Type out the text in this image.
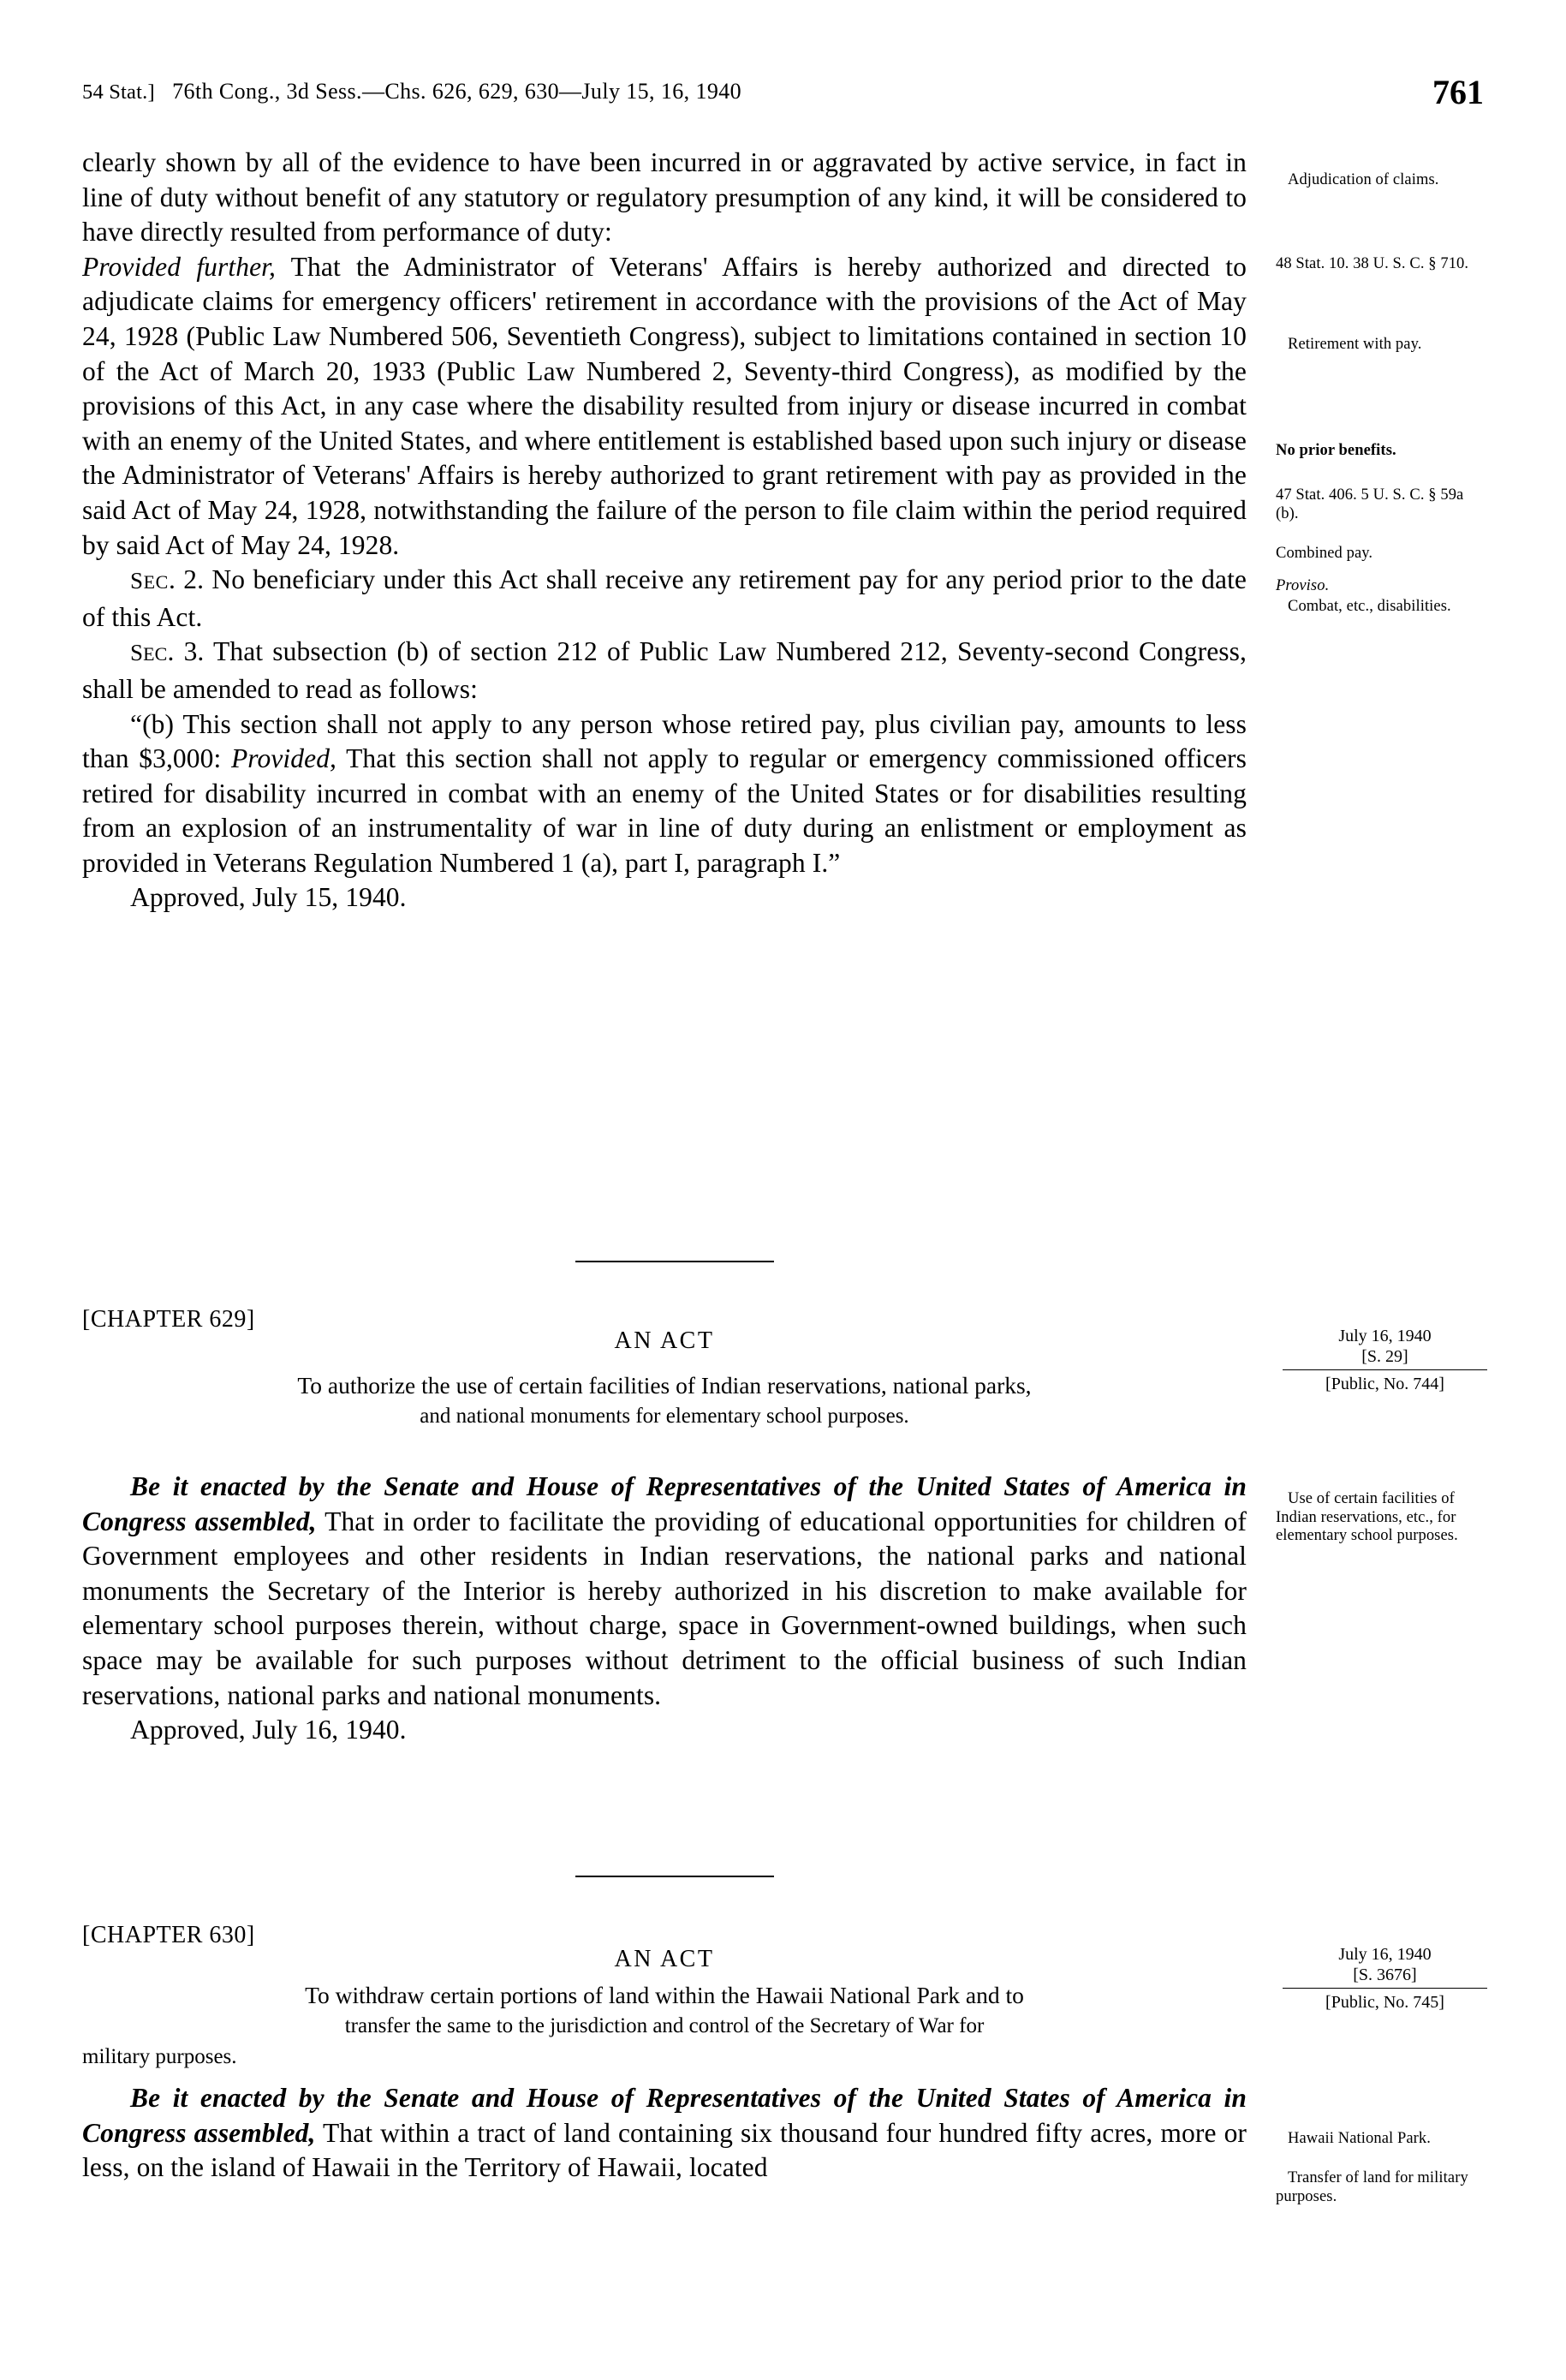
54 Stat.] 76th Cong., 3d Sess.—Chs. 626, 629, 630—July 15, 16, 1940	761

clearly shown by all of the evidence to have been incurred in or aggravated by active service, in fact in line of duty without benefit of any statutory or regulatory presumption of any kind, it will be considered to have directly resulted from performance of duty:

Provided further, That the Administrator of Veterans' Affairs is hereby authorized and directed to adjudicate claims for emergency officers' retirement in accordance with the provisions of the Act of May 24, 1928 (Public Law Numbered 506, Seventieth Congress), subject to limitations contained in section 10 of the Act of March 20, 1933 (Public Law Numbered 2, Seventy-third Congress), as modified by the provisions of this Act, in any case where the disability resulted from injury or disease incurred in combat with an enemy of the United States, and where entitlement is established based upon such injury or disease the Administrator of Veterans' Affairs is hereby authorized to grant retirement with pay as provided in the said Act of May 24, 1928, notwithstanding the failure of the person to file claim within the period required by said Act of May 24, 1928.

SEC. 2. No beneficiary under this Act shall receive any retirement pay for any period prior to the date of this Act.

SEC. 3. That subsection (b) of section 212 of Public Law Numbered 212, Seventy-second Congress, shall be amended to read as follows:

“(b) This section shall not apply to any person whose retired pay, plus civilian pay, amounts to less than $3,000: Provided, That this section shall not apply to regular or emergency commissioned officers retired for disability incurred in combat with an enemy of the United States or for disabilities resulting from an explosion of an instrumentality of war in line of duty during an enlistment or employment as provided in Veterans Regulation Numbered 1 (a), part I, paragraph I.”

Approved, July 15, 1940.

Adjudication of claims.
48 Stat. 10. 38 U. S. C. § 710.
Retirement with pay.
No prior benefits.
47 Stat. 406. 5 U. S. C. § 59a (b).
Combined pay.
Proviso.
Combat, etc., disabilities.
[CHAPTER 629]
AN ACT
To authorize the use of certain facilities of Indian reservations, national parks,
and national monuments for elementary school purposes.
July 16, 1940
[S. 29]
[Public, No. 744]

Be it enacted by the Senate and House of Representatives of the United States of America in Congress assembled, That in order to facilitate the providing of educational opportunities for children of Government employees and other residents in Indian reservations, the national parks and national monuments the Secretary of the Interior is hereby authorized in his discretion to make available for elementary school purposes therein, without charge, space in Government-owned buildings, when such space may be available for such purposes without detriment to the official business of such Indian reservations, national parks and national monuments.

Approved, July 16, 1940.

Use of certain facilities of Indian reservations, etc., for elementary school purposes.
[CHAPTER 630]
AN ACT
To withdraw certain portions of land within the Hawaii National Park and to
transfer the same to the jurisdiction and control of the Secretary of War for
military purposes.
July 16, 1940
[S. 3676]
[Public, No. 745]

Be it enacted by the Senate and House of Representatives of the United States of America in Congress assembled, That within a tract of land containing six thousand four hundred fifty acres, more or less, on the island of Hawaii in the Territory of Hawaii, located

Hawaii National Park.
Transfer of land for military purposes.
